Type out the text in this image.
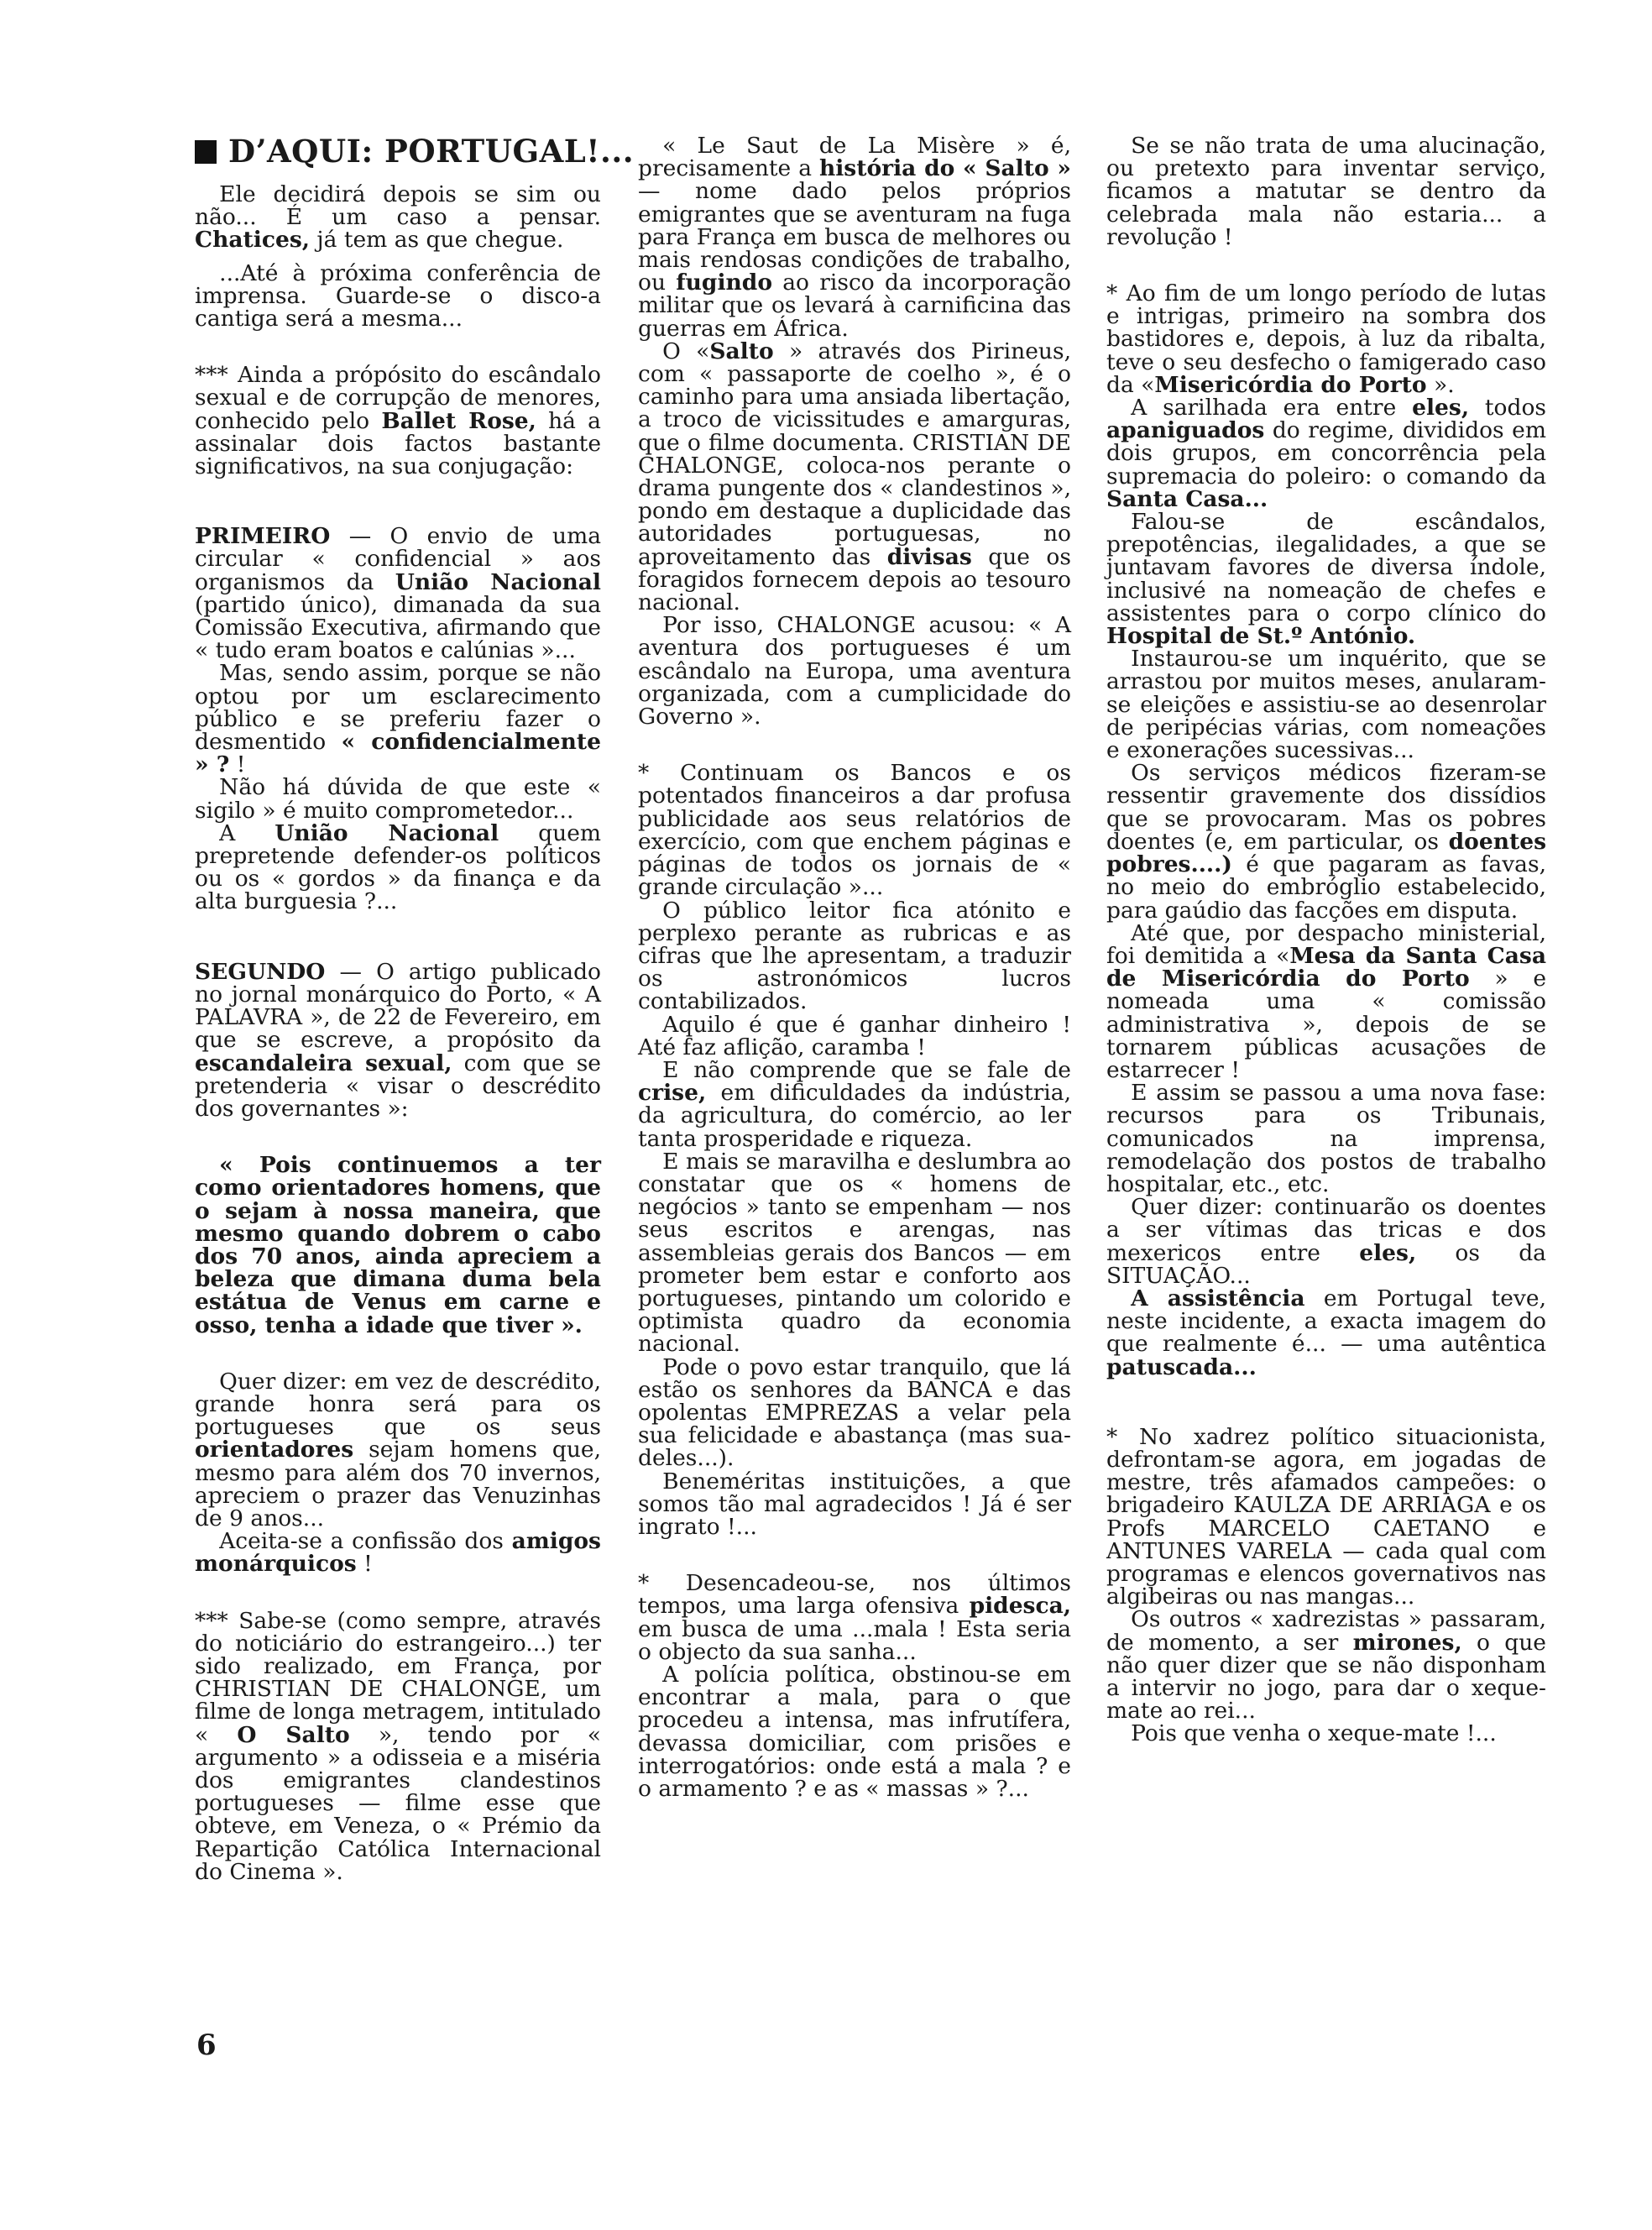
D’AQUI: PORTUGAL!...

Ele decidirá depois se sim ou não... É um caso a pensar. Chatices, já tem as que chegue.

...Até à próxima conferência de imprensa. Guarde-se o disco-a cantiga será a mesma...

*** Ainda a própósito do escândalo sexual e de corrupção de menores, conhecido pelo Ballet Rose, há a assinalar dois factos bastante significativos, na sua conjugação:

PRIMEIRO — O envio de uma circular « confidencial » aos organismos da União Nacional (partido único), dimanada da sua Comissão Executiva, afirmando que « tudo eram boatos e calúnias »...

Mas, sendo assim, porque se não optou por um esclarecimento público e se preferiu fazer o desmentido « confidencialmente » ? !

Não há dúvida de que este « sigilo » é muito comprometedor...

A União Nacional quem prepretende defender-os políticos ou os « gordos » da finança e da alta burguesia ?...

SEGUNDO — O artigo publicado no jornal monárquico do Porto, « A PALAVRA », de 22 de Fevereiro, em que se escreve, a propósito da escandaleira sexual, com que se pretenderia « visar o descrédito dos governantes »:

« Pois continuemos a ter como orientadores homens, que o sejam à nossa maneira, que mesmo quando dobrem o cabo dos 70 anos, ainda apreciem a beleza que dimana duma bela estátua de Venus em carne e osso, tenha a idade que tiver ».

Quer dizer: em vez de descrédito, grande honra será para os portugueses que os seus orientadores sejam homens que, mesmo para além dos 70 invernos, apreciem o prazer das Venuzinhas de 9 anos...

Aceita-se a confissão dos amigos monárquicos !

*** Sabe-se (como sempre, através do noticiário do estrangeiro...) ter sido realizado, em França, por CHRISTIAN DE CHALONGE, um filme de longa metragem, intitulado « O Salto », tendo por « argumento » a odisseia e a miséria dos emigrantes clandestinos portugueses — filme esse que obteve, em Veneza, o « Prémio da Repartição Católica Internacional do Cinema ».

« Le Saut de La Misère » é, precisamente a história do « Salto » — nome dado pelos próprios emigrantes que se aventuram na fuga para França em busca de melhores ou mais rendosas condições de trabalho, ou fugindo ao risco da incorporação militar que os levará à carnificina das guerras em África.

O «Salto » através dos Pirineus, com « passaporte de coelho », é o caminho para uma ansiada libertação, a troco de vicissitudes e amarguras, que o filme documenta. CRISTIAN DE CHALONGE, coloca-nos perante o drama pungente dos « clandestinos », pondo em destaque a duplicidade das autoridades portuguesas, no aproveitamento das divisas que os foragidos fornecem depois ao tesouro nacional.

Por isso, CHALONGE acusou: « A aventura dos portugueses é um escândalo na Europa, uma aventura organizada, com a cumplicidade do Governo ».

* Continuam os Bancos e os potentados financeiros a dar profusa publicidade aos seus relatórios de exercício, com que enchem páginas e páginas de todos os jornais de « grande circulação »...

O público leitor fica atónito e perplexo perante as rubricas e as cifras que lhe apresentam, a traduzir os astronómicos lucros contabilizados.

Aquilo é que é ganhar dinheiro ! Até faz aflição, caramba !

E não comprende que se fale de crise, em dificuldades da indústria, da agricultura, do comércio, ao ler tanta prosperidade e riqueza.

E mais se maravilha e deslumbra ao constatar que os « homens de negócios » tanto se empenham — nos seus escritos e arengas, nas assembleias gerais dos Bancos — em prometer bem estar e conforto aos portugueses, pintando um colorido e optimista quadro da economia nacional.

Pode o povo estar tranquilo, que lá estão os senhores da BANCA e das opolentas EMPREZAS a velar pela sua felicidade e abastança (mas sua-deles...).

Beneméritas instituições, a que somos tão mal agradecidos ! Já é ser ingrato !...

* Desencadeou-se, nos últimos tempos, uma larga ofensiva pidesca, em busca de uma ...mala ! Esta seria o objecto da sua sanha...

A polícia política, obstinou-se em encontrar a mala, para o que procedeu a intensa, mas infrutífera, devassa domiciliar, com prisões e interrogatórios: onde está a mala ? e o armamento ? e as « massas » ?...

Se se não trata de uma alucinação, ou pretexto para inventar serviço, ficamos a matutar se dentro da celebrada mala não estaria... a revolução !

* Ao fim de um longo período de lutas e intrigas, primeiro na sombra dos bastidores e, depois, à luz da ribalta, teve o seu desfecho o famigerado caso da «Misericórdia do Porto ».

A sarilhada era entre eles, todos apaniguados do regime, divididos em dois grupos, em concorrência pela supremacia do poleiro: o comando da Santa Casa...

Falou-se de escândalos, prepotências, ilegalidades, a que se juntavam favores de diversa índole, inclusivé na nomeação de chefes e assistentes para o corpo clínico do Hospital de St.º António.

Instaurou-se um inquérito, que se arrastou por muitos meses, anularam-se eleições e assistiu-se ao desenrolar de peripécias várias, com nomeações e exonerações sucessivas...

Os serviços médicos fizeram-se ressentir gravemente dos dissídios que se provocaram. Mas os pobres doentes (e, em particular, os doentes pobres....) é que pagaram as favas, no meio do embróglio estabelecido, para gaúdio das facções em disputa.

Até que, por despacho ministerial, foi demitida a «Mesa da Santa Casa de Misericórdia do Porto » e nomeada uma « comissão administrativa », depois de se tornarem públicas acusações de estarrecer !

E assim se passou a uma nova fase: recursos para os Tribunais, comunicados na imprensa, remodelação dos postos de trabalho hospitalar, etc., etc.

Quer dizer: continuarão os doentes a ser vítimas das tricas e dos mexericos entre eles, os da SITUAÇÃO...

A assistência em Portugal teve, neste incidente, a exacta imagem do que realmente é... — uma autêntica patuscada...

* No xadrez político situacionista, defrontam-se agora, em jogadas de mestre, três afamados campeões: o brigadeiro KAULZA DE ARRIAGA e os Profs MARCELO CAETANO e ANTUNES VARELA — cada qual com programas e elencos governativos nas algibeiras ou nas mangas...

Os outros « xadrezistas » passaram, de momento, a ser mirones, o que não quer dizer que se não disponham a intervir no jogo, para dar o xeque-mate ao rei...

Pois que venha o xeque-mate !...

6
